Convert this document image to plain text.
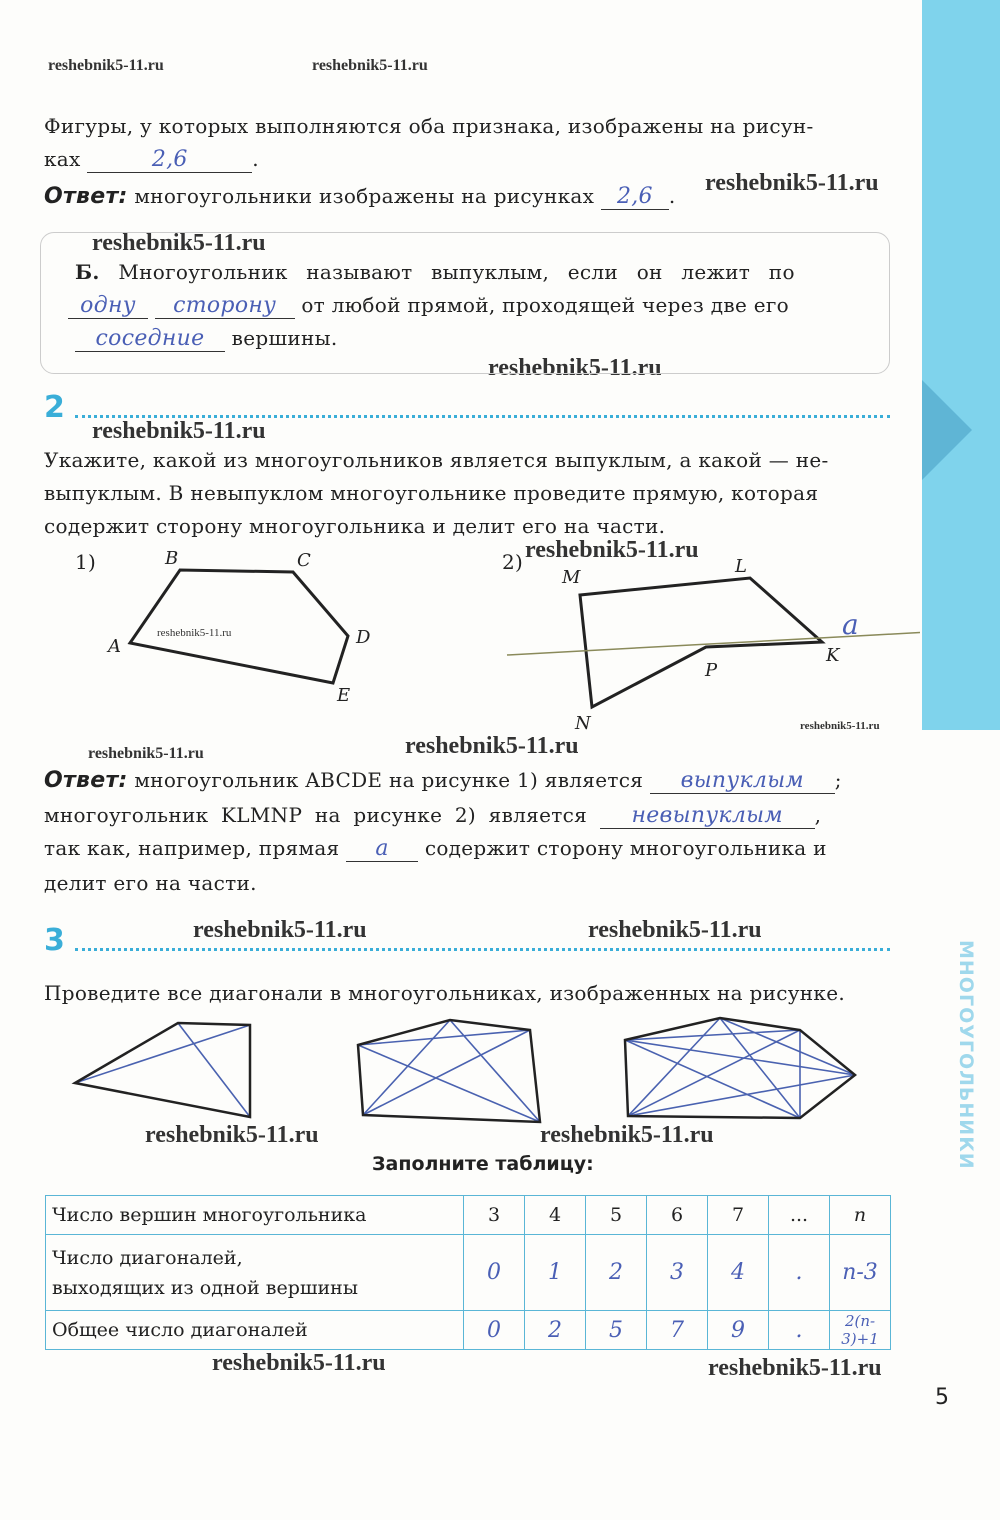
МНОГОУГОЛЬНИКИ
reshebnik5-11.ru	reshebnik5-11.ru
reshebnik5-11.ru
reshebnik5-11.ru
reshebnik5-11.ru
reshebnik5-11.ru
reshebnik5-11.ru
reshebnik5-11.ru
reshebnik5-11.ru
reshebnik5-11.ru	reshebnik5-11.ru
reshebnik5-11.ru	reshebnik5-11.ru
reshebnik5-11.ru	reshebnik5-11.ru
reshebnik5-11.ru	reshebnik5-11.ru
Фигуры, у которых выполняются оба признака, изображены на рисун-
ках	2,6	.
Ответ: многоугольники изображены на рисунках 2,6 .
Б. Многоугольник называют выпуклым, если он лежит по
одну сторону от любой прямой, проходящей через две его
соседние вершины.
2
Укажите, какой из многоугольников является выпуклым, а какой — не-
выпуклым. В невыпуклом многоугольнике проведите прямую, которая
содержит сторону многоугольника и делит его на части.
1)	B	C
A	D
E
2)
M
L
K
P
N
a
Ответ: многоугольник ABCDE на рисунке 1) является выпуклым ;
многоугольник KLMNP на рисунке 2) является невыпуклым ,
так как, например, прямая a содержит сторону многоугольника и
делит его на части.
3
Проведите все диагонали в многоугольниках, изображенных на рисунке.
Заполните таблицу:
Число вершин многоугольника	3	4	5	6	7	...	n

Число диагоналей,
выходящих из одной вершины	0	1	2	3	4	.	n-3
Общее число диагоналей	0	2	5	7	9	.	2(n-3)+1
5
